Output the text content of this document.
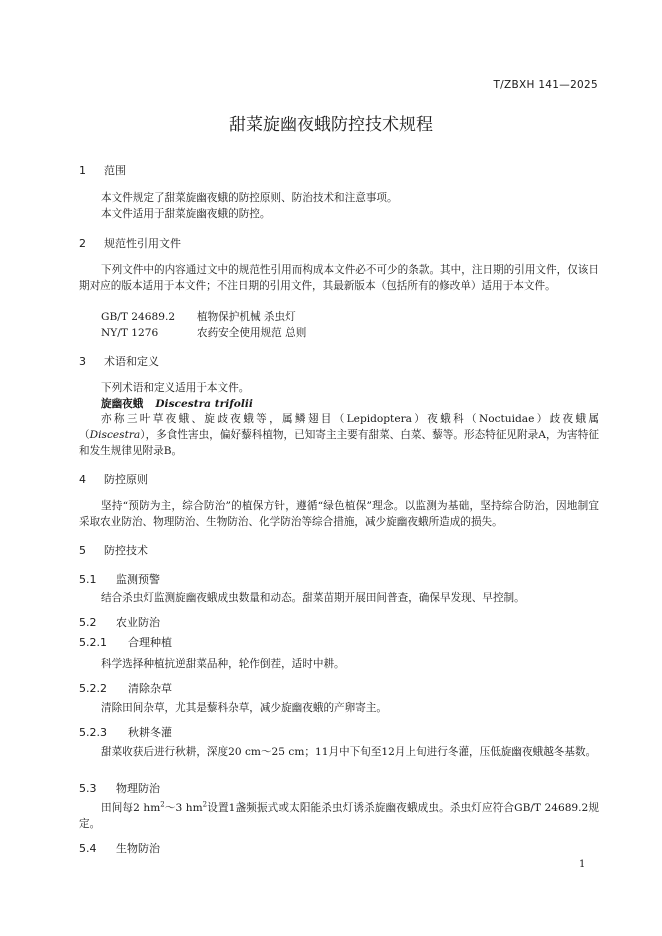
T/ZBXH 141—2025
甜菜旋幽夜蛾防控技术规程
1 范围
本文件规定了甜菜旋幽夜蛾的防控原则、防治技术和注意事项。
本文件适用于甜菜旋幽夜蛾的防控。
2 规范性引用文件
下列文件中的内容通过文中的规范性引用而构成本文件必不可少的条款。其中，注日期的引用文件，仅该日期对应的版本适用于本文件；不注日期的引用文件，其最新版本（包括所有的修改单）适用于本文件。
GB/T 24689.2 植物保护机械 杀虫灯
NY/T 1276	农药安全使用规范 总则
3 术语和定义
下列术语和定义适用于本文件。
旋幽夜蛾 Discestra trifolii
亦称三叶草夜蛾、旋歧夜蛾等，属鳞翅目（Lepidoptera）夜蛾科（Noctuidae）歧夜蛾属（Discestra），多食性害虫，偏好藜科植物，已知寄主主要有甜菜、白菜、藜等。形态特征见附录A，为害特征和发生规律见附录B。
4 防控原则
坚持“预防为主，综合防治”的植保方针，遵循“绿色植保”理念。以监测为基础，坚持综合防治，因地制宜采取农业防治、物理防治、生物防治、化学防治等综合措施，减少旋幽夜蛾所造成的损失。
5 防控技术
5.1 监测预警
结合杀虫灯监测旋幽夜蛾成虫数量和动态。甜菜苗期开展田间普查，确保早发现、早控制。
5.2 农业防治
5.2.1 合理种植
科学选择种植抗逆甜菜品种，轮作倒茬，适时中耕。
5.2.2 清除杂草
清除田间杂草，尤其是藜科杂草，减少旋幽夜蛾的产卵寄主。
5.2.3 秋耕冬灌
甜菜收获后进行秋耕，深度20 cm～25 cm；11月中下旬至12月上旬进行冬灌，压低旋幽夜蛾越冬基数。
5.3 物理防治
田间每2 $hm^2\sim 3$ $hm^2$设置1盏频振式或太阳能杀虫灯诱杀旋幽夜蛾成虫。杀虫灯应符合GB/T 24689.2规定。
5.4 生物防治
1
